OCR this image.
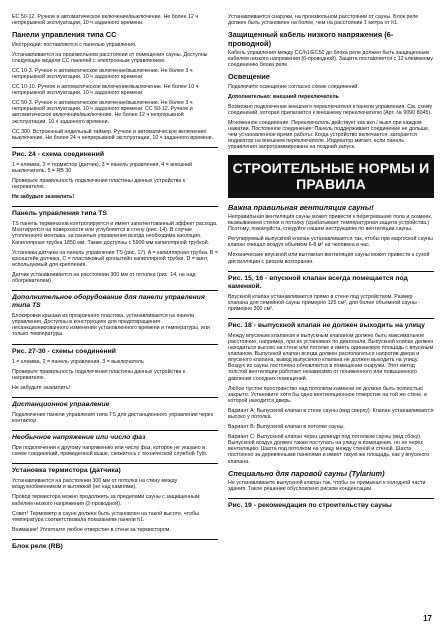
EC 50-12. Ручное и автоматическое включение/выключение. Не более 12 ч непрерывной эксплуатации, 10 ч заданного времени.

Панели управления типа CC

Инструкции: поставляются с панелью управления.

Устанавливается на произвольном расстоянии от помещения сауны. Доступны следующие модели CC панелей с электронным управлением:

CC 10-3. Ручное и автоматическое включение/выключение. Не более 3 ч непрерывной эксплуатации, 10 ч заданного времени.

CC 10-10. Ручное и автоматическое включение/выключение. Не более 10 ч непрерывной эксплуатации, 10 ч заданного времени.

CC 50-3. Ручное и автоматическое включение/выключение. Не более 3 ч непрерывной эксплуатации, 10 ч заданного времени. CC 50-12. Ручное и автоматическое включение/выключение. Не более 12 ч непрерывной эксплуатации, 10 ч заданного времени.

CC 300. Встроенный недельный таймер. Ручное и автоматическое включение/выключение. Не более 24 ч непрерывной эксплуатации, 10 ч заданного времени.

Рис. 24 - схема соединений

1 = клемма, 2 = термистор (датчик), 3 = панель управления, 4 = внешний выключатель, 5 = RB 30

Проверьте правильность подключения пластины данных устройства к нагревателю.

Не забудьте заземлить!

Панель управления типа TS

TS панель терминалов контролируется и имеет запатентованный эффект расхода. Монтируется на поверхности или углубляется в стену (рис. 14). В случае утопленного монтажа, за панелью управления всегда необходима изоляция. Капиллярная трубка 1850 мм. Также доступны с 5900 мм капиллярной трубкой.

Установка датчика на панель управления TS (рис. 17). A = капиллярная трубка. B = кронштейн датчика, C = пластиковый кронштейн капиллярной трубки. D = винт, используемый для крепления.

Датчик устанавливается на расстоянии 300 мм от потолка (рис. 14, не над обогревателем)

Дополнительное оборудование для панели управления типа TS

Блокировки крышки из прозрачного пластика, устанавливается на панели управления. Доступны в конструкциях для предотвращения несанкционированного изменения установленного времени и температуры, или только температуры.

Рис. 27-30 - схемы соединений

1 = клемма, 2 = панель управления, 3 = выключатель

Проверьте правильность подключения пластины данных устройства к нагревателю.

Не забудьте заземлить!

Дистанционное управление

Подключение панели управления типа TS для дистанционного управления через контактор.

Необычное напряжение или число фаз

При подключении к другому напряжению или числу фаз, которое не указано в схеме соединений, приведенной выше, свяжитесь с технической службой Tylö.

Установка термистора (датчика)

Устанавливается на расстоянии 300 мм от потолка на стену между воздухообменником и вытяжкой (не над камнями).

Провод термистора можно продолжить за пределами сауны с защищенным кабелем низкого напряжения (2-проводной).

Совет! Термометр в сауне должен быть установлен на такой высоте, чтобы температура соответствовала показаниям панели h1.

Внимание! Уплотните любое отверстие в стене за термистором.

Блок реле (RB)

Устанавливается снаружи, на произвольном расстоянии от сауны. Блок реле должен быть установлен на более, чем на расстоянии 1 метра от h1.

Защищенный кабель низкого напряжения (6-проводной)

Кабель управления между CC/h1/EC50 до блока реле должен быть защищенным кабелем низкого напряжения (6-проводной). Защита поставляется с 12 клеммному соединению блока реле.

Освещение

Подключите освещение согласно схеме соединений.

Дополнительно: внешний переключатель

Возможно подключение внешнего переключателя к панели управления. См. схему соединений, которая прилагается к внешнему переключателю (Арт. № 9090 8045).

Мгновенное соединение: Переключатель действует как вкл / выкл при каждом нажатии. Постоянное соединение: Панель поддерживает соединение не дольше, чем установленное время работы. Когда устройство включается, загорается индикатор на внешнем переключателе. Индикатор мигает, если панель управления запрограммирована на поздний запуск.

СТРОИТЕЛЬНЫЕ НОРМЫ И ПРАВИЛА
Важна правильная вентиляция сауны!

Неправильная вентиляция сауны может привести к перегреванию пола и скамеек, вызвыванием стенки и потолку (срабатывает температурная защита устройства.) Поэтому, пожалуйста, следуйте нашим инструкциям по вентиляции сауны.

Регулируемый выпускной клапан устанавливается так, чтобы при маргоской сауны клапан очищал воздух объемом 6-8 м³ на человека в час.

Механические впускной или вытяжная вентиляция сауны может привести к сухой дистилляции с риском возгорания.

Рис. 15, 16 - впускной клапан всегда помещается под каменкой.

Впускной клапан устанавливается прямо в стене под устройством. Размер клапана для семейной сауны примерно 125 см², для более объемной сауны - примерно 300 см².

Рис. 18 - выпускной клапан не должен выходить на улицу

Между впускным клапаном и выпускным клапаном должно быть максимальное расстояние, например, при их установках по диагонали. Выпускной клапан должен находиться высоко на стене или потолке и иметь одинаковую площадь с впускным клапаном. Выпускной клапан всегда должен располагаться напротив двери и впускного клапана, вывод выпускного клапана не должен выходить на улицу. Воздух из сауны постоянно обновляется в помещении снаружи. Этот метод толстой вентиляции работает независимо от пониженного или повышенного давления соседних помещений.

Любое пустое пространство над потолком камеени не должно быть полностью закрыто. Установите хотя бы одно вентиляционное отверстие на той же стене, в которой находится дверь.

Вариант A: Выпускной клапан в стене сауны (вид сверху). Клапан устанавливается высоко у потолка.

Вариант B: Выпускной клапан в потолке сауны.

Вариант C: Выпускной клапан через цилиндр под потолком сауны (вид сбоку). Выпускной воздух должен также поступать на улицу в помещение, но не через вентиляцию. Шахта под потолком на улицу между стеной и стеной. Шахта постоянно за деревянными панелями и имеет такую же площадь, как у впускного клапана.

Специально для паровой сауны (Tylarium)

Не устанавливаете выпускной клапан так, чтобы он примыкал к холодной части здания. Такое решение обусловлено риском конденсации.

Рис. 19 - рекомендация по строительству сауны
17
